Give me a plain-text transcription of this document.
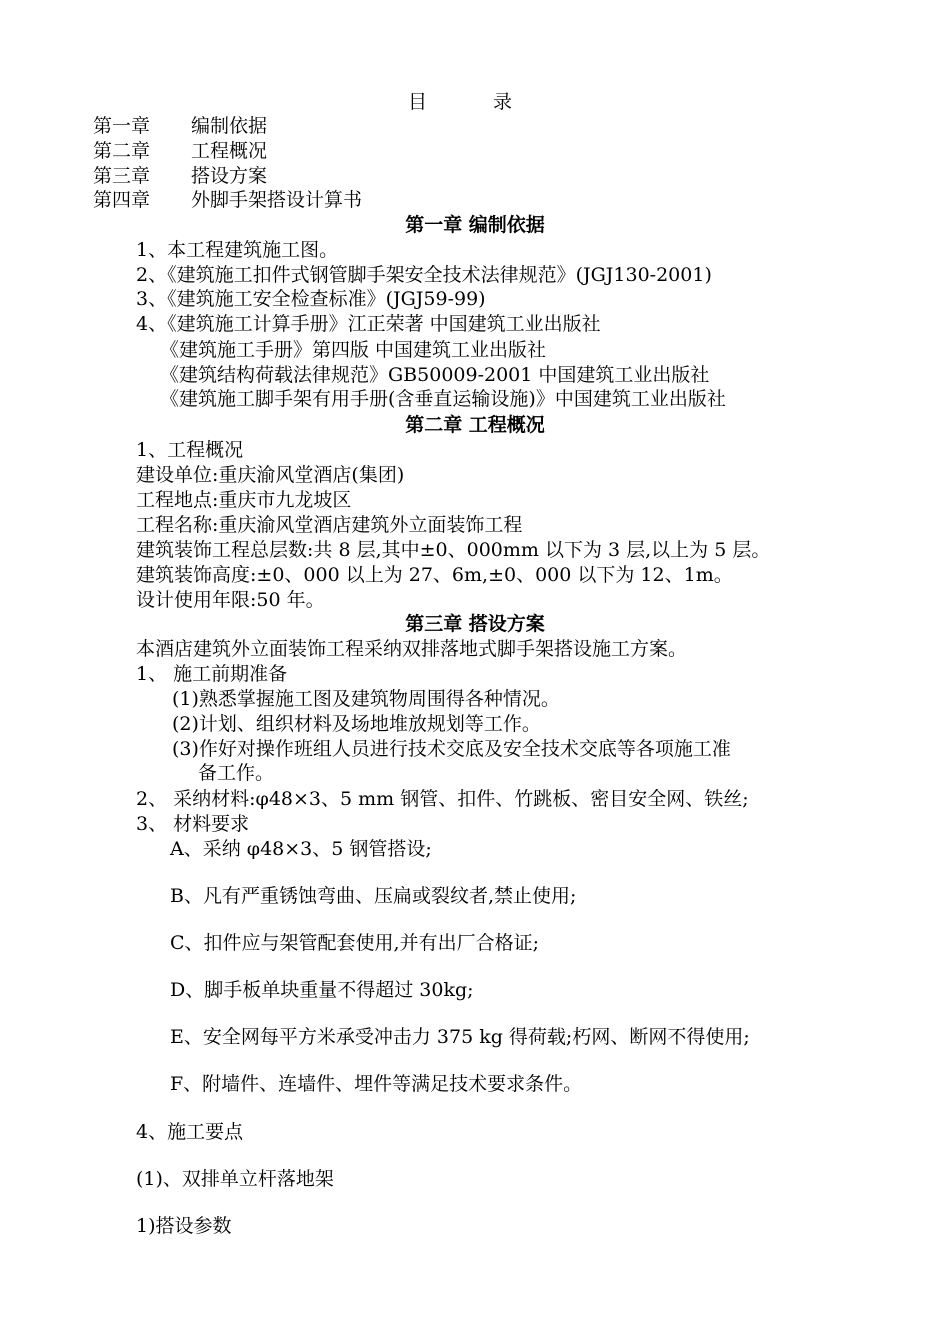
目 录
第一章 编制依据
第二章 工程概况
第三章 搭设方案
第四章 外脚手架搭设计算书
第一章 编制依据
1、本工程建筑施工图。
2、《建筑施工扣件式钢管脚手架安全技术法律规范》(JGJ130-2001)
3、《建筑施工安全检查标准》(JGJ59-99)
4、《建筑施工计算手册》江正荣著 中国建筑工业出版社
《建筑施工手册》第四版 中国建筑工业出版社
《建筑结构荷载法律规范》GB50009-2001 中国建筑工业出版社
《建筑施工脚手架有用手册(含垂直运输设施)》中国建筑工业出版社
第二章 工程概况
1、工程概况
建设单位:重庆渝风堂酒店(集团)
工程地点:重庆市九龙坡区
工程名称:重庆渝风堂酒店建筑外立面装饰工程
建筑装饰工程总层数:共 8 层,其中±0、000mm 以下为 3 层,以上为 5 层。
建筑装饰高度:±0、000 以上为 27、6m,±0、000 以下为 12、1m。
设计使用年限:50 年。
第三章 搭设方案
本酒店建筑外立面装饰工程采纳双排落地式脚手架搭设施工方案。
1、 施工前期准备
(1)熟悉掌握施工图及建筑物周围得各种情况。
(2)计划、组织材料及场地堆放规划等工作。
(3)作好对操作班组人员进行技术交底及安全技术交底等各项施工准
备工作。
2、 采纳材料:φ48×3、5 mm 钢管、扣件、竹跳板、密目安全网、铁丝;
3、 材料要求
A、采纳 φ48×3、5 钢管搭设;
B、凡有严重锈蚀弯曲、压扁或裂纹者,禁止使用;
C、扣件应与架管配套使用,并有出厂合格证;
D、脚手板单块重量不得超过 30kg;
E、安全网每平方米承受冲击力 375 kg 得荷载;朽网、断网不得使用;
F、附墙件、连墙件、埋件等满足技术要求条件。
4、施工要点
(1)、双排单立杆落地架
1)搭设参数
